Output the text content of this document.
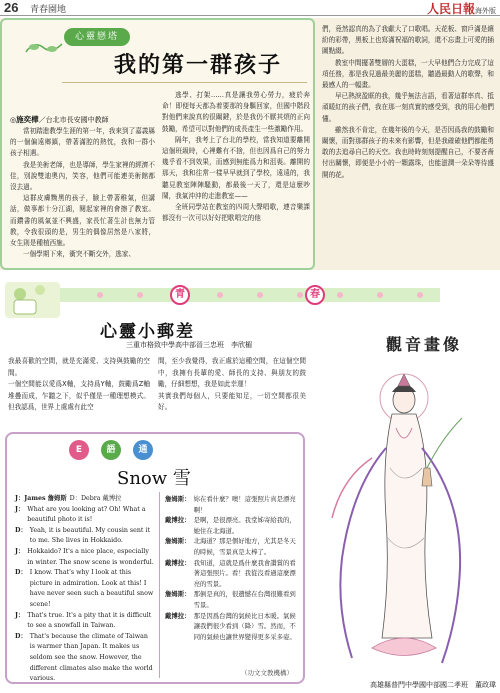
26 青春園地	人民日報海外版
心靈戀塔
我的第一群孩子
◎施奕樺／台北市長安國中教師

當初踏進教學生涯的第一年，我來到了嘉義縣的一個偏遠鄉鎮，帶著滿腔的熱忱，我和一群小孩子相遇。

我是美術老師，也是導師，學生家裡的經濟不佳，別說雙迪奧內，笑容，他們可能連美術館都沒去過。

這群皮膚黝黑的孩子，臉上帶著稚氣，但講話，做事都十分江湖，閱起家裡的會擦了教室。而鑽書的風氣並不興盛，家長忙著生計也無力管教，令我很頭的是，男生的偶像居然是八家將，女生則是種植西施。

一個學期下來，衝突不斷交外，逃家、

逃學、打架……真是讓我勞心勞力，疲於奔命！即便每天都為着要那的身驅回家，但國中階段對他們來說真的很關鍵，於是我仍不厭其煩的正向鼓勵，希望可以對他們的成長產生一些激勵作用。

隔年，我考上了台北的學校，當我知道要離開這個班級時，心裡難有不捨，但也因爲自己的努力幾乎看不到效果，而感到無能爲力和沮喪。離開的那天，我和往常一樣早早就到了學校，遠遠的，我聽見教室陣陣騷動，都最後一天了，還是這麼吵鬧，我氣沖沖的走進教室——

全班同學站在教室的四周大聲唱歌，連音樂課都沒有一次可以好好把歌唱完的他

們，竟然認真的為了我獻大了口歌唱。天花板、窗戶滿是繽紛的彩帶，黑板上也寫滿祝福的歌詞，還不忘畫上可愛的插圖點綴。

教室中間擺著雙層的大蛋糕，一大早他們合力完成了這項任務，那是我見過最美麗的蛋糕，聽過最動人的歌聲，和最感人的一幅畫。

早已熱淚盈眶的我，幾乎無法言語，看著這群率真、抵頑暖紅的孩子們，我在那一刻真實的感受到，我的用心他們懂。

雖然我不肯定，在幾年後的今天，是否因爲我的鼓勵和關懷，而對那群孩子的未來有影響，但是我確確他們都能勇敢的去追尋自己的天空。我也時時刻刻提醒自己，不要吝嗇付出關懷，即便是小小的一顆露珠，也能滋潤一朵朵等待盛開的花。

青	春
心靈小郵差
三重市格致中學高中部晉三忠班　李欣楣
我最喜歡的空間，就是充滿愛、支持與鼓勵的空間。
一個空間能以愛爲X軸，支持爲Y軸，鼓勵爲Z軸堆疊而成，乍聽之下，似乎僅是一種理想模式。但我認爲，世界上處處有此空
間，至少我覺得，我正處於這種空間，在這個空間中，我擁有長輩的愛、師長的支持、與朋友的鼓勵，仔細想想，我是如此幸運！
其實我們每個人，只要能知足，一切空間都很美好。
E	語	通
Snow 雪
J：James 詹姆斯 D：Debra 戴博拉
J： What are you looking at? Oh! What a beautiful photo it is!
D： Yeah, it is beautiful. My cousin sent it to me. She lives in Hokkaido.
J： Hokkaido? It's a nice place, especially in winter. The snow scene is wonderful.
D： I know. That's why I look at this picture in admiration. Look at this! I have never seen such a beautiful snow scene!
J： That's true. It's a pity that it is difficult to see a snowfall in Taiwan.
D： That's because the climate of Taiwan is warmer than Japan. It makes us seldom see the snow. However, the different climates also make the world various.
詹姆斯： 妳在看什麼？噢！這張照片真是漂亮啊！
戴博拉： 是啊，是很漂亮。我堂姊寄給我的，她住在北海道。
詹姆斯： 北海道？那是個好地方，尤其是冬天的時候，雪景真是太棒了。
戴博拉： 我知道，這就是爲什麼我會讚賞的看著這張照片。看！我從沒看過這麼漂亮的雪景。
詹姆斯： 那倒是真的，很遺憾在台灣很難看到雪景。
戴博拉： 那是因爲台灣的氣候比日本暖。氣候讓我們很少看到（降）雪。然而，不同的氣候也讓世界變得更多采多姿。
（功文文教機構）
觀音畫像
高雄縣普門中學國中部國二孝班　董政瑋
